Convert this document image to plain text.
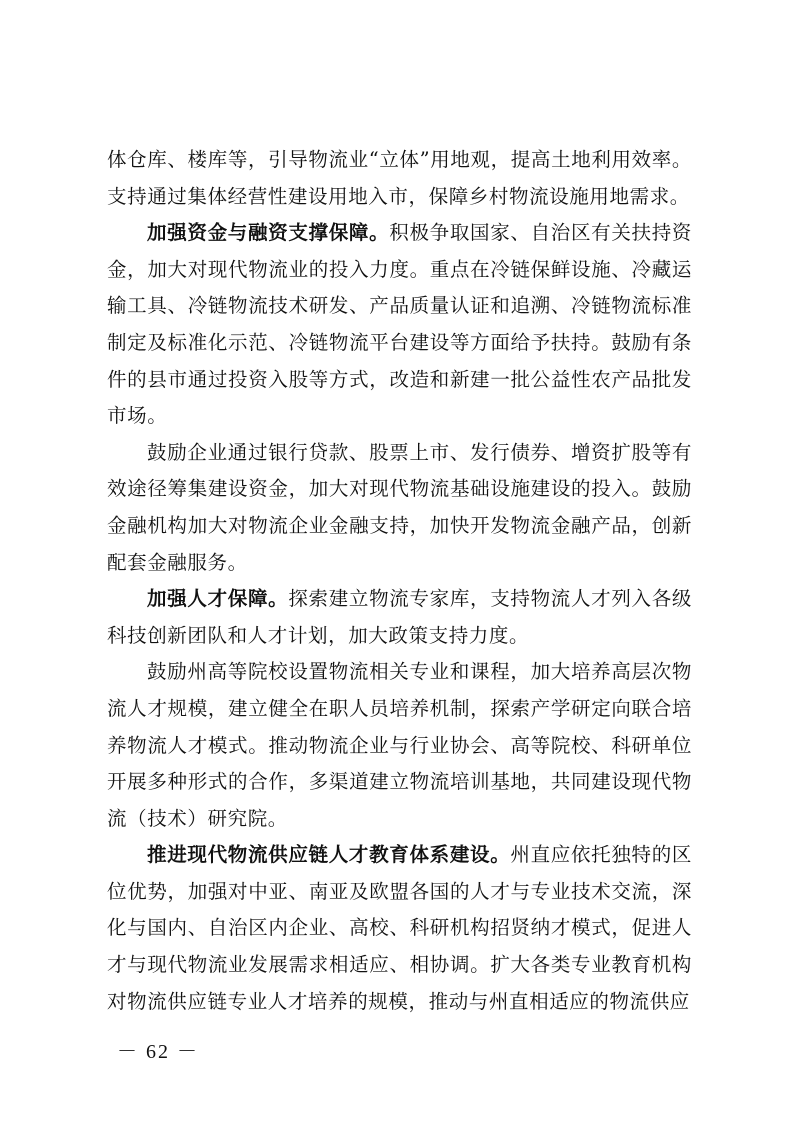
体仓库、楼库等，引导物流业“立体”用地观，提高土地利用效率。支持通过集体经营性建设用地入市，保障乡村物流设施用地需求。

加强资金与融资支撑保障。积极争取国家、自治区有关扶持资金，加大对现代物流业的投入力度。重点在冷链保鲜设施、冷藏运输工具、冷链物流技术研发、产品质量认证和追溯、冷链物流标准制定及标准化示范、冷链物流平台建设等方面给予扶持。鼓励有条件的县市通过投资入股等方式，改造和新建一批公益性农产品批发市场。

鼓励企业通过银行贷款、股票上市、发行债券、增资扩股等有效途径筹集建设资金，加大对现代物流基础设施建设的投入。鼓励金融机构加大对物流企业金融支持，加快开发物流金融产品，创新配套金融服务。

加强人才保障。探索建立物流专家库，支持物流人才列入各级科技创新团队和人才计划，加大政策支持力度。

鼓励州高等院校设置物流相关专业和课程，加大培养高层次物流人才规模，建立健全在职人员培养机制，探索产学研定向联合培养物流人才模式。推动物流企业与行业协会、高等院校、科研单位开展多种形式的合作，多渠道建立物流培训基地，共同建设现代物流（技术）研究院。

推进现代物流供应链人才教育体系建设。州直应依托独特的区位优势，加强对中亚、南亚及欧盟各国的人才与专业技术交流，深化与国内、自治区内企业、高校、科研机构招贤纳才模式，促进人才与现代物流业发展需求相适应、相协调。扩大各类专业教育机构对物流供应链专业人才培养的规模，推动与州直相适应的物流供应

－ 62 －
